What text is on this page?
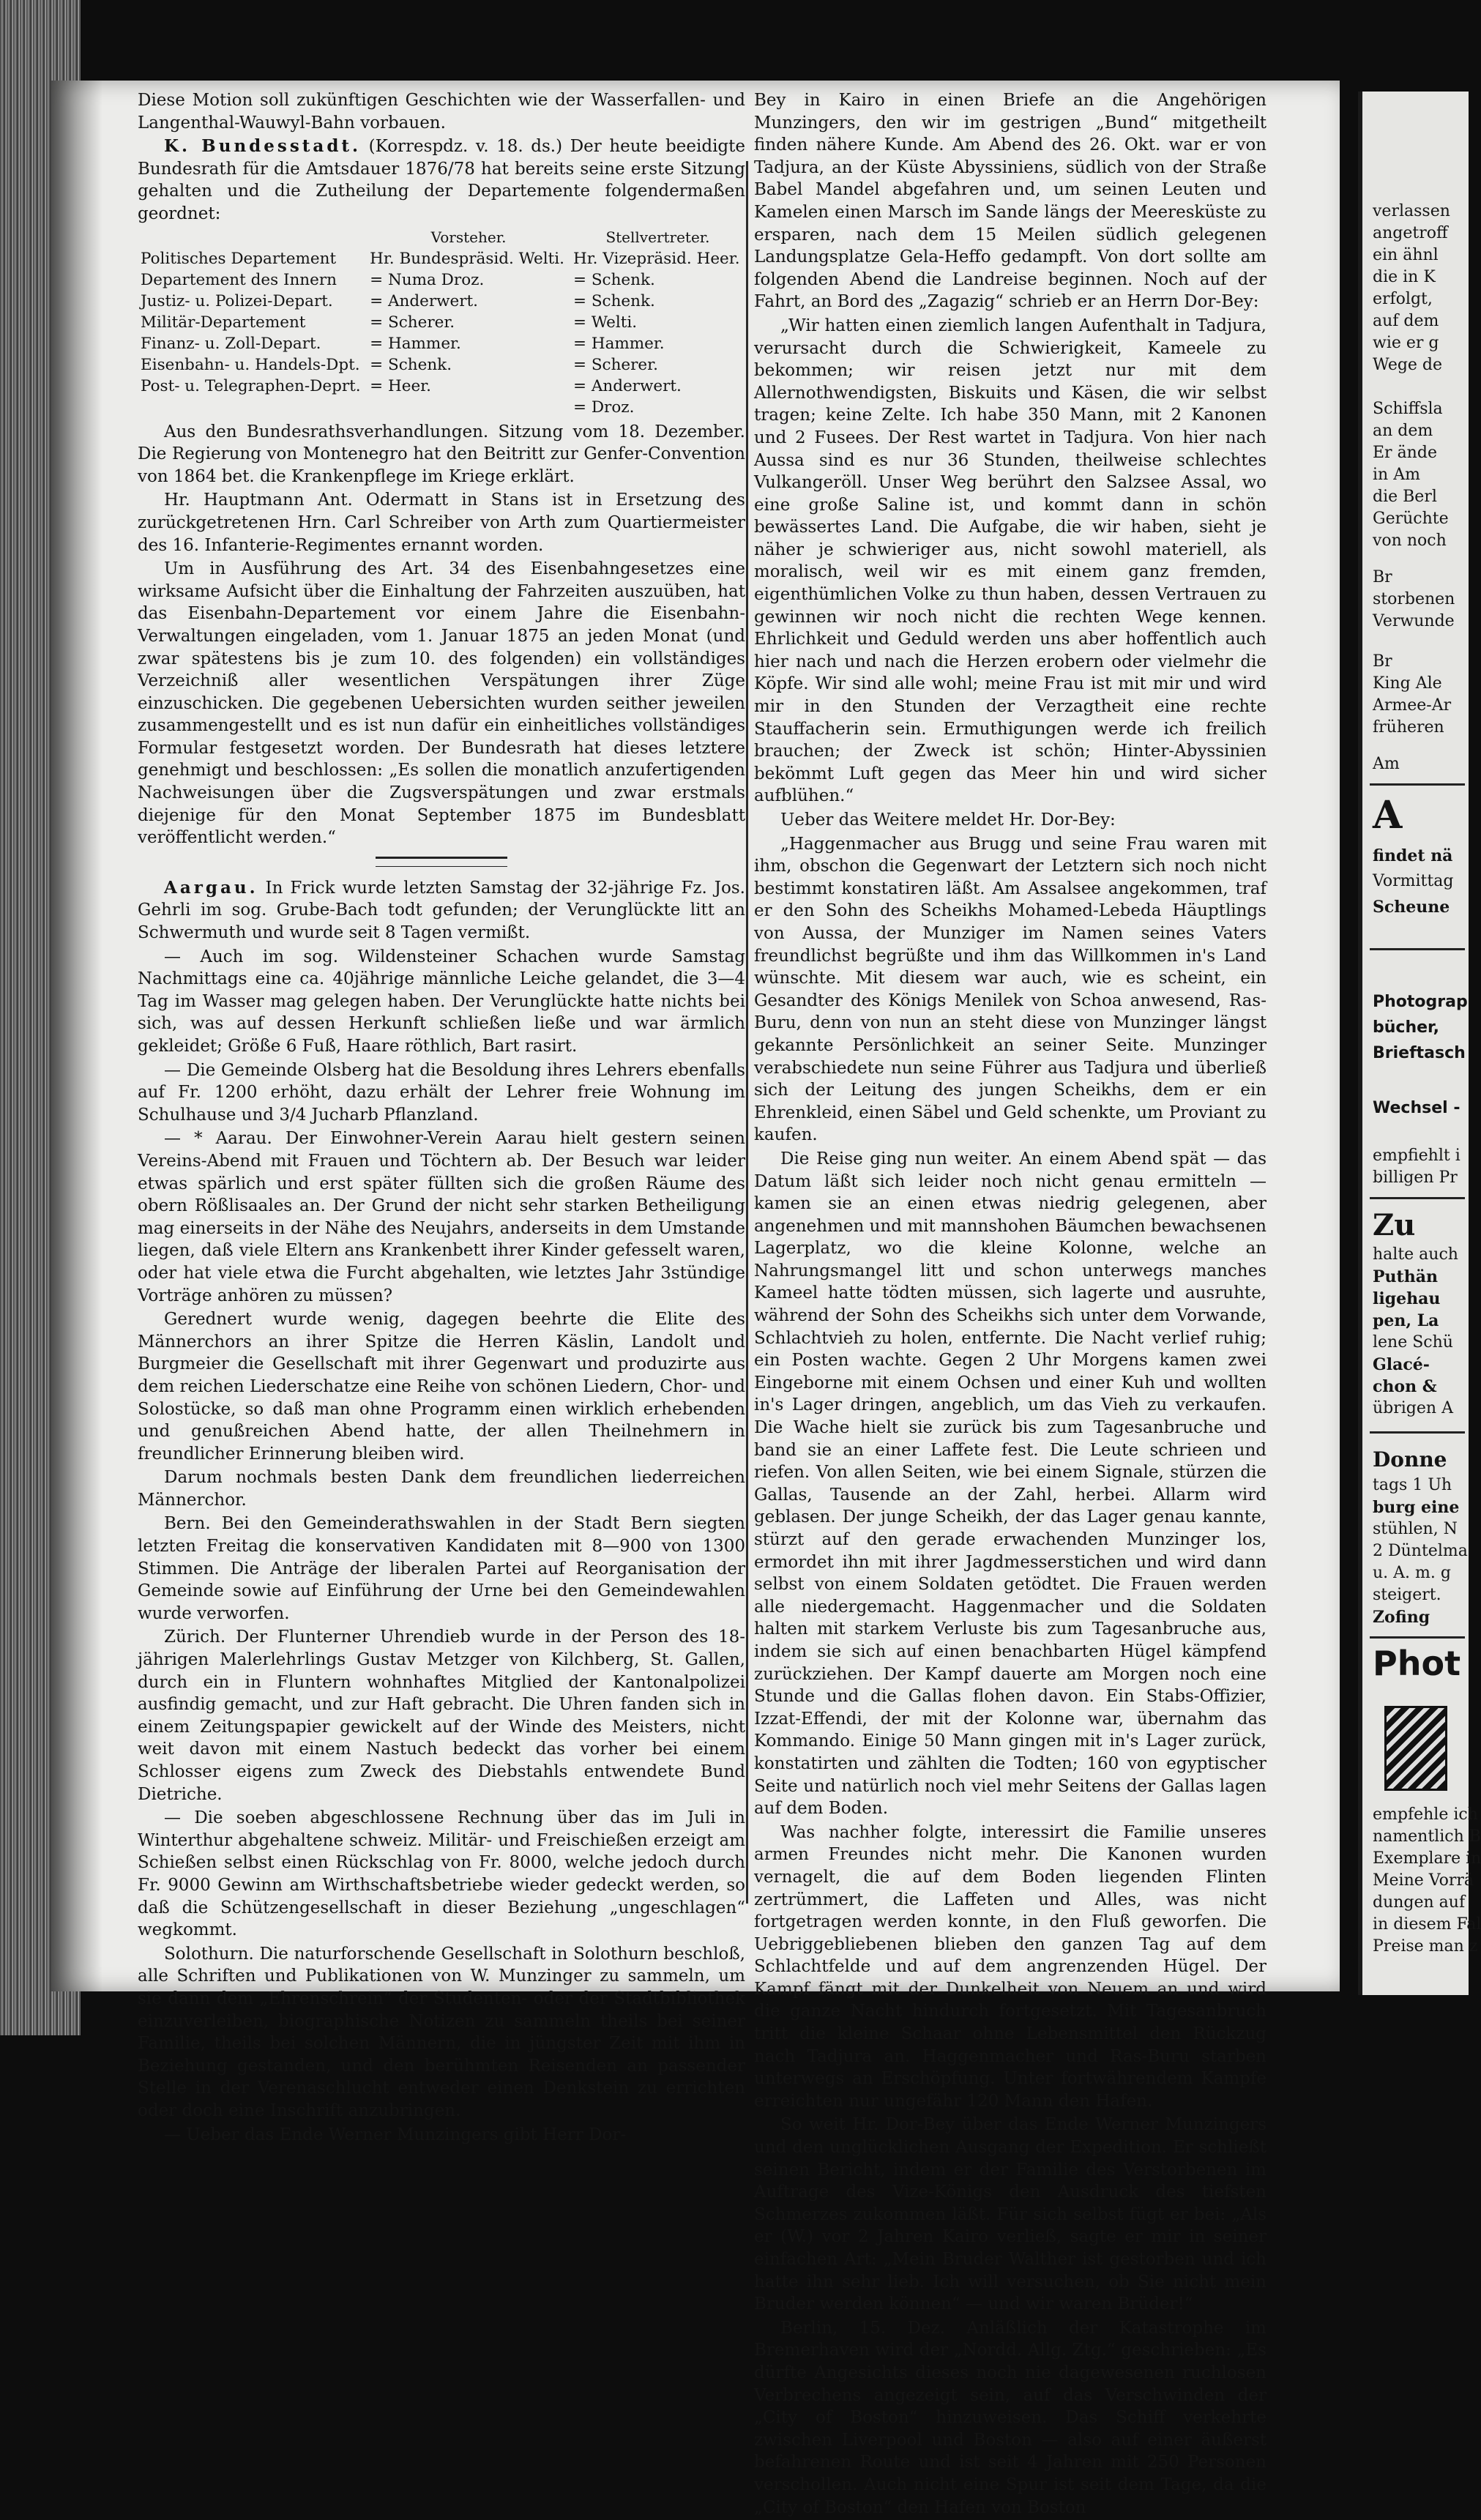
Diese Motion soll zukünftigen Geschichten wie der Wasserfallen- und Langenthal-Wauwyl-Bahn vorbauen.

K. Bundesstadt. (Korrespdz. v. 18. ds.) Der heute beeidigte Bundesrath für die Amtsdauer 1876/78 hat bereits seine erste Sitzung gehalten und die Zutheilung der Departemente folgendermaßen geordnet:

	Vorsteher.	Stellvertreter.
Politisches Departement	Hr. Bundespräsid. Welti.	Hr. Vizepräsid. Heer.
Departement des Innern	= Numa Droz.	= Schenk.
Justiz- u. Polizei-Depart.	= Anderwert.	= Schenk.
Militär-Departement	= Scherer.	= Welti.
Finanz- u. Zoll-Depart.	= Hammer.	= Hammer.
Eisenbahn- u. Handels-Dpt.	= Schenk.	= Scherer.
Post- u. Telegraphen-Deprt.	= Heer.	= Anderwert.
		= Droz.

Aus den Bundesrathsverhandlungen. Sitzung vom 18. Dezember. Die Regierung von Montenegro hat den Beitritt zur Genfer-Convention von 1864 bet. die Krankenpflege im Kriege erklärt.

Hr. Hauptmann Ant. Odermatt in Stans ist in Ersetzung des zurückgetretenen Hrn. Carl Schreiber von Arth zum Quartiermeister des 16. Infanterie-Regimentes ernannt worden.

Um in Ausführung des Art. 34 des Eisenbahngesetzes eine wirksame Aufsicht über die Einhaltung der Fahrzeiten auszuüben, hat das Eisenbahn-Departement vor einem Jahre die Eisenbahn-Verwaltungen eingeladen, vom 1. Januar 1875 an jeden Monat (und zwar spätestens bis je zum 10. des folgenden) ein vollständiges Verzeichniß aller wesentlichen Verspätungen ihrer Züge einzuschicken. Die gegebenen Uebersichten wurden seither jeweilen zusammengestellt und es ist nun dafür ein einheitliches vollständiges Formular festgesetzt worden. Der Bundesrath hat dieses letztere genehmigt und beschlossen: „Es sollen die monatlich anzufertigenden Nachweisungen über die Zugsverspätungen und zwar erstmals diejenige für den Monat September 1875 im Bundesblatt veröffentlicht werden.“

Aargau. In Frick wurde letzten Samstag der 32-jährige Fz. Jos. Gehrli im sog. Grube-Bach todt gefunden; der Verunglückte litt an Schwermuth und wurde seit 8 Tagen vermißt.

— Auch im sog. Wildensteiner Schachen wurde Samstag Nachmittags eine ca. 40jährige männliche Leiche gelandet, die 3—4 Tag im Wasser mag gelegen haben. Der Verunglückte hatte nichts bei sich, was auf dessen Herkunft schließen ließe und war ärmlich gekleidet; Größe 6 Fuß, Haare röthlich, Bart rasirt.

— Die Gemeinde Olsberg hat die Besoldung ihres Lehrers ebenfalls auf Fr. 1200 erhöht, dazu erhält der Lehrer freie Wohnung im Schulhause und 3/4 Jucharb Pflanzland.

— * Aarau. Der Einwohner-Verein Aarau hielt gestern seinen Vereins-Abend mit Frauen und Töchtern ab. Der Besuch war leider etwas spärlich und erst später füllten sich die großen Räume des obern Rößlisaales an. Der Grund der nicht sehr starken Betheiligung mag einerseits in der Nähe des Neujahrs, anderseits in dem Umstande liegen, daß viele Eltern ans Krankenbett ihrer Kinder gefesselt waren, oder hat viele etwa die Furcht abgehalten, wie letztes Jahr 3stündige Vorträge anhören zu müssen?

Gerednert wurde wenig, dagegen beehrte die Elite des Männerchors an ihrer Spitze die Herren Käslin, Landolt und Burgmeier die Gesellschaft mit ihrer Gegenwart und produzirte aus dem reichen Liederschatze eine Reihe von schönen Liedern, Chor- und Solostücke, so daß man ohne Programm einen wirklich erhebenden und genußreichen Abend hatte, der allen Theilnehmern in freundlicher Erinnerung bleiben wird.

Darum nochmals besten Dank dem freundlichen liederreichen Männerchor.

Bern. Bei den Gemeinderathswahlen in der Stadt Bern siegten letzten Freitag die konservativen Kandidaten mit 8—900 von 1300 Stimmen. Die Anträge der liberalen Partei auf Reorganisation der Gemeinde sowie auf Einführung der Urne bei den Gemeindewahlen wurde verworfen.

Zürich. Der Flunterner Uhrendieb wurde in der Person des 18-jährigen Malerlehrlings Gustav Metzger von Kilchberg, St. Gallen, durch ein in Fluntern wohnhaftes Mitglied der Kantonalpolizei ausfindig gemacht, und zur Haft gebracht. Die Uhren fanden sich in einem Zeitungspapier gewickelt auf der Winde des Meisters, nicht weit davon mit einem Nastuch bedeckt das vorher bei einem Schlosser eigens zum Zweck des Diebstahls entwendete Bund Dietriche.

— Die soeben abgeschlossene Rechnung über das im Juli in Winterthur abgehaltene schweiz. Militär- und Freischießen erzeigt am Schießen selbst einen Rückschlag von Fr. 8000, welche jedoch durch Fr. 9000 Gewinn am Wirthschaftsbetriebe wieder gedeckt werden, so daß die Schützengesellschaft in dieser Beziehung „ungeschlagen“ wegkommt.

Solothurn. Die naturforschende Gesellschaft in Solothurn beschloß, alle Schriften und Publikationen von W. Munzinger zu sammeln, um sie dann dem „Ehrenschrein“ der Studenten- oder der Stadtbibliothek einzuverleiben, biographische Notizen zu sammeln theils bei seiner Familie, theils bei solchen Männern, die in jüngster Zeit mit ihm in Beziehung gestanden, und den berühmten Reisenden an passender Stelle in der Verenaschlucht entweder einen Denkstein zu errichten oder doch eine Inschrift anzubringen.

— Ueber das Ende Werner Munzingers gibt Herr Dor-

Bey in Kairo in einen Briefe an die Angehörigen Munzingers, den wir im gestrigen „Bund“ mitgetheilt finden nähere Kunde. Am Abend des 26. Okt. war er von Tadjura, an der Küste Abyssiniens, südlich von der Straße Babel Mandel abgefahren und, um seinen Leuten und Kamelen einen Marsch im Sande längs der Meeresküste zu ersparen, nach dem 15 Meilen südlich gelegenen Landungsplatze Gela-Heffo gedampft. Von dort sollte am folgenden Abend die Landreise beginnen. Noch auf der Fahrt, an Bord des „Zagazig“ schrieb er an Herrn Dor-Bey:

„Wir hatten einen ziemlich langen Aufenthalt in Tadjura, verursacht durch die Schwierigkeit, Kameele zu bekommen; wir reisen jetzt nur mit dem Allernothwendigsten, Biskuits und Käsen, die wir selbst tragen; keine Zelte. Ich habe 350 Mann, mit 2 Kanonen und 2 Fusees. Der Rest wartet in Tadjura. Von hier nach Aussa sind es nur 36 Stunden, theilweise schlechtes Vulkangeröll. Unser Weg berührt den Salzsee Assal, wo eine große Saline ist, und kommt dann in schön bewässertes Land. Die Aufgabe, die wir haben, sieht je näher je schwieriger aus, nicht sowohl materiell, als moralisch, weil wir es mit einem ganz fremden, eigenthümlichen Volke zu thun haben, dessen Vertrauen zu gewinnen wir noch nicht die rechten Wege kennen. Ehrlichkeit und Geduld werden uns aber hoffentlich auch hier nach und nach die Herzen erobern oder vielmehr die Köpfe. Wir sind alle wohl; meine Frau ist mit mir und wird mir in den Stunden der Verzagtheit eine rechte Stauffacherin sein. Ermuthigungen werde ich freilich brauchen; der Zweck ist schön; Hinter-Abyssinien bekömmt Luft gegen das Meer hin und wird sicher aufblühen.“

Ueber das Weitere meldet Hr. Dor-Bey:

„Haggenmacher aus Brugg und seine Frau waren mit ihm, obschon die Gegenwart der Letztern sich noch nicht bestimmt konstatiren läßt. Am Assalsee angekommen, traf er den Sohn des Scheikhs Mohamed-Lebeda Häuptlings von Aussa, der Munziger im Namen seines Vaters freundlichst begrüßte und ihm das Willkommen in's Land wünschte. Mit diesem war auch, wie es scheint, ein Gesandter des Königs Menilek von Schoa anwesend, Ras-Buru, denn von nun an steht diese von Munzinger längst gekannte Persönlichkeit an seiner Seite. Munzinger verabschiedete nun seine Führer aus Tadjura und überließ sich der Leitung des jungen Scheikhs, dem er ein Ehrenkleid, einen Säbel und Geld schenkte, um Proviant zu kaufen.

Die Reise ging nun weiter. An einem Abend spät — das Datum läßt sich leider noch nicht genau ermitteln — kamen sie an einen etwas niedrig gelegenen, aber angenehmen und mit mannshohen Bäumchen bewachsenen Lagerplatz, wo die kleine Kolonne, welche an Nahrungsmangel litt und schon unterwegs manches Kameel hatte tödten müssen, sich lagerte und ausruhte, während der Sohn des Scheikhs sich unter dem Vorwande, Schlachtvieh zu holen, entfernte. Die Nacht verlief ruhig; ein Posten wachte. Gegen 2 Uhr Morgens kamen zwei Eingeborne mit einem Ochsen und einer Kuh und wollten in's Lager dringen, angeblich, um das Vieh zu verkaufen. Die Wache hielt sie zurück bis zum Tagesanbruche und band sie an einer Laffete fest. Die Leute schrieen und riefen. Von allen Seiten, wie bei einem Signale, stürzen die Gallas, Tausende an der Zahl, herbei. Allarm wird geblasen. Der junge Scheikh, der das Lager genau kannte, stürzt auf den gerade erwachenden Munzinger los, ermordet ihn mit ihrer Jagdmesserstichen und wird dann selbst von einem Soldaten getödtet. Die Frauen werden alle niedergemacht. Haggenmacher und die Soldaten halten mit starkem Verluste bis zum Tagesanbruche aus, indem sie sich auf einen benachbarten Hügel kämpfend zurückziehen. Der Kampf dauerte am Morgen noch eine Stunde und die Gallas flohen davon. Ein Stabs-Offizier, Izzat-Effendi, der mit der Kolonne war, übernahm das Kommando. Einige 50 Mann gingen mit in's Lager zurück, konstatirten und zählten die Todten; 160 von egyptischer Seite und natürlich noch viel mehr Seitens der Gallas lagen auf dem Boden.

Was nachher folgte, interessirt die Familie unseres armen Freundes nicht mehr. Die Kanonen wurden vernagelt, die auf dem Boden liegenden Flinten zertrümmert, die Laffeten und Alles, was nicht fortgetragen werden konnte, in den Fluß geworfen. Die Uebriggebliebenen blieben den ganzen Tag auf dem Schlachtfelde und auf dem angrenzenden Hügel. Der Kampf fängt mit der Dunkelheit von Neuem an und wird die ganze Nacht hindurch fortgesetzt. Mit Tagesanbruch tritt die kleine Schaar ohne Lebensmittel den Rückzug nach Tadjura an. Haggenmacher und Ras-Buru starben unterwegs an Erschöpfung. Unter fortwährendem Kampfe erreichten nur ungefähr 120 Mann den Hafen.

So weit Hr. Dor-Bey über das Ende Werner Munzingers und den unglücklichen Ausgang der Expedition. Er schließt seinen Bericht, indem er der Familie des Verstorbenen im Auftrage des Vize-Königs den Ausdruck des tiefsten Schmerzes zukommen läßt. Für sich selbst fügt er bei: „Als er (W.) vor 2 Jahren Kairo verließ, sagte er mir in seiner einfachen Art: „Mein Bruder Walther ist gestorben und ich hatte ihn sehr lieb. Ich will versuchen, ob Sie nicht mein Bruder werden können“ — und wir waren Brüder!“

Berlin, 15. Dez. Anläßlich der Katastrophe im Bremerhaven wird der „Nordd. Allg. Ztg.“ geschrieben: „Es dürfte Angesichts dieses noch nie dagewesenen ruchlosen Verbrechens angezeigt sein, auf das Verschwinden der „City of Boston“ hinzuweisen. Das Schiff verkehrte zwischen Liverpool und Boston — also auf einer äußerst befahrenen Route und ist seit 4 Jahren mit 250 Personen verschollen. Auch nicht eine Spur ist seit dem Tage, da die „City of Boston“ den Hafen von Boston

verlassen
angetroff
ein ähnl
die in K
erfolgt,
auf dem
wie er g
Wege de
Schiffsla
an dem
Er ände
in Am
die Berl
Gerüchte
von noch
Br
storbenen
Verwunde
Br
King Ale
Armee-Ar
früheren
Am
A
findet nä
Vormittag
Scheune
Photograp
bücher,
Brieftasch
Wechsel -
empfiehlt i
billigen Pr
Zu
halte auch
Puthän
ligehau
pen, La
lene Schü
Glacé-
chon &
übrigen A
Donne
tags 1 Uh
burg eine
stühlen, N
2 Düntelma
u. A. m. g
steigert.
Zofing
Phot
empfehle ich
namentlich B
Exemplare in
Meine Vorrä
dungen auf
in diesem Fal
Preise man z
